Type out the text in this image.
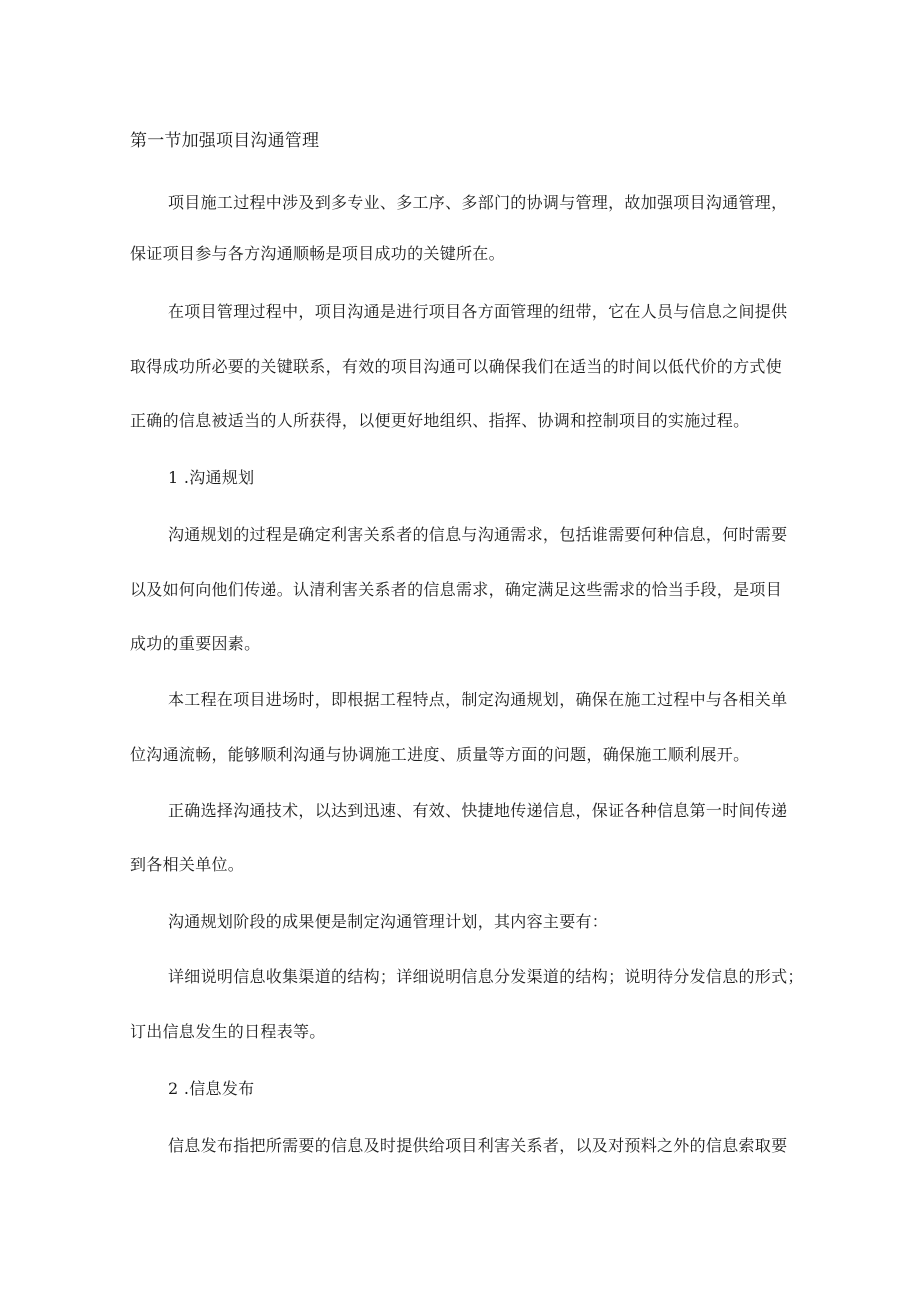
第一节加强项目沟通管理
项目施工过程中涉及到多专业、多工序、多部门的协调与管理，故加强项目沟通管理，
保证项目参与各方沟通顺畅是项目成功的关键所在。
在项目管理过程中，项目沟通是进行项目各方面管理的纽带，它在人员与信息之间提供
取得成功所必要的关键联系，有效的项目沟通可以确保我们在适当的时间以低代价的方式使
正确的信息被适当的人所获得，以便更好地组织、指挥、协调和控制项目的实施过程。
1 .沟通规划
沟通规划的过程是确定利害关系者的信息与沟通需求，包括谁需要何种信息，何时需要
以及如何向他们传递。认清利害关系者的信息需求，确定满足这些需求的恰当手段，是项目
成功的重要因素。
本工程在项目进场时，即根据工程特点，制定沟通规划，确保在施工过程中与各相关单
位沟通流畅，能够顺利沟通与协调施工进度、质量等方面的问题，确保施工顺利展开。
正确选择沟通技术，以达到迅速、有效、快捷地传递信息，保证各种信息第一时间传递
到各相关单位。
沟通规划阶段的成果便是制定沟通管理计划，其内容主要有：
详细说明信息收集渠道的结构；详细说明信息分发渠道的结构；说明待分发信息的形式；
订出信息发生的日程表等。
2 .信息发布
信息发布指把所需要的信息及时提供给项目利害关系者，以及对预料之外的信息索取要
